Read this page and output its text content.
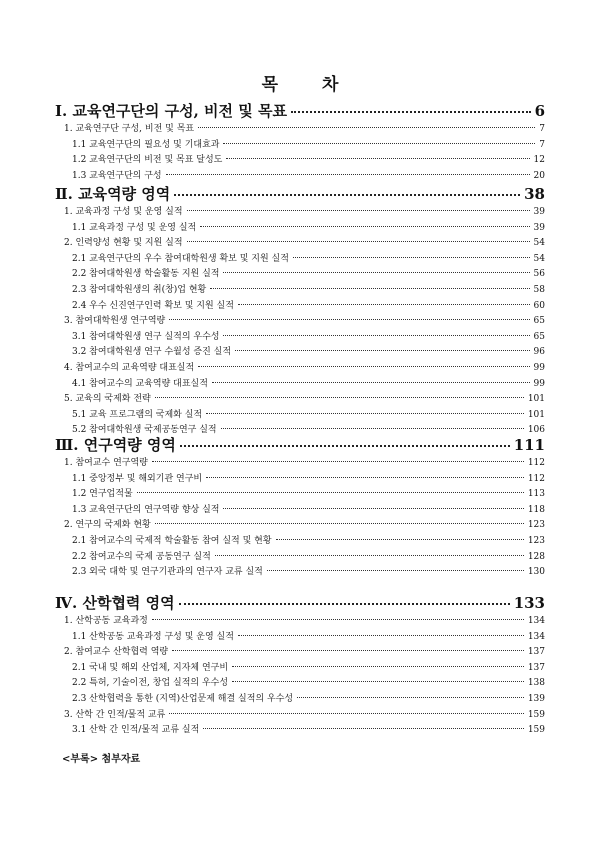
목	차
Ⅰ. 교육연구단의 구성, 비전 및 목표	6
1. 교육연구단 구성, 비전 및 목표	7
1.1 교육연구단의 필요성 및 기대효과	7
1.2 교육연구단의 비전 및 목표 달성도	12
1.3 교육연구단의 구성	20
Ⅱ. 교육역량 영역	38
1. 교육과정 구성 및 운영 실적	39
1.1 교육과정 구성 및 운영 실적	39
2. 인력양성 현황 및 지원 실적	54
2.1 교육연구단의 우수 참여대학원생 확보 및 지원 실적	54
2.2 참여대학원생 학술활동 지원 실적	56
2.3 참여대학원생의 취(창)업 현황	58
2.4 우수 신진연구인력 확보 및 지원 실적	60
3. 참여대학원생 연구역량	65
3.1 참여대학원생 연구 실적의 우수성	65
3.2 참여대학원생 연구 수월성 증진 실적	96
4. 참여교수의 교육역량 대표실적	99
4.1 참여교수의 교육역량 대표실적	99
5. 교육의 국제화 전략	101
5.1 교육 프로그램의 국제화 실적	101
5.2 참여대학원생 국제공동연구 실적	106
Ⅲ. 연구역량 영역	111
1. 참여교수 연구역량	112
1.1 중앙정부 및 해외기관 연구비	112
1.2 연구업적물	113
1.3 교육연구단의 연구역량 향상 실적	118
2. 연구의 국제화 현황	123
2.1 참여교수의 국제적 학술활동 참여 실적 및 현황	123
2.2 참여교수의 국제 공동연구 실적	128
2.3 외국 대학 및 연구기관과의 연구자 교류 실적	130
Ⅳ. 산학협력 영역	133
1. 산학공동 교육과정	134
1.1 산학공동 교육과정 구성 및 운영 실적	134
2. 참여교수 산학협력 역량	137
2.1 국내 및 해외 산업체, 지자체 연구비	137
2.2 특허, 기술이전, 창업 실적의 우수성	138
2.3 산학협력을 통한 (지역)산업문제 해결 실적의 우수성	139
3. 산학 간 인적/물적 교류	159
3.1 산학 간 인적/물적 교류 실적	159
<부록> 첨부자료
